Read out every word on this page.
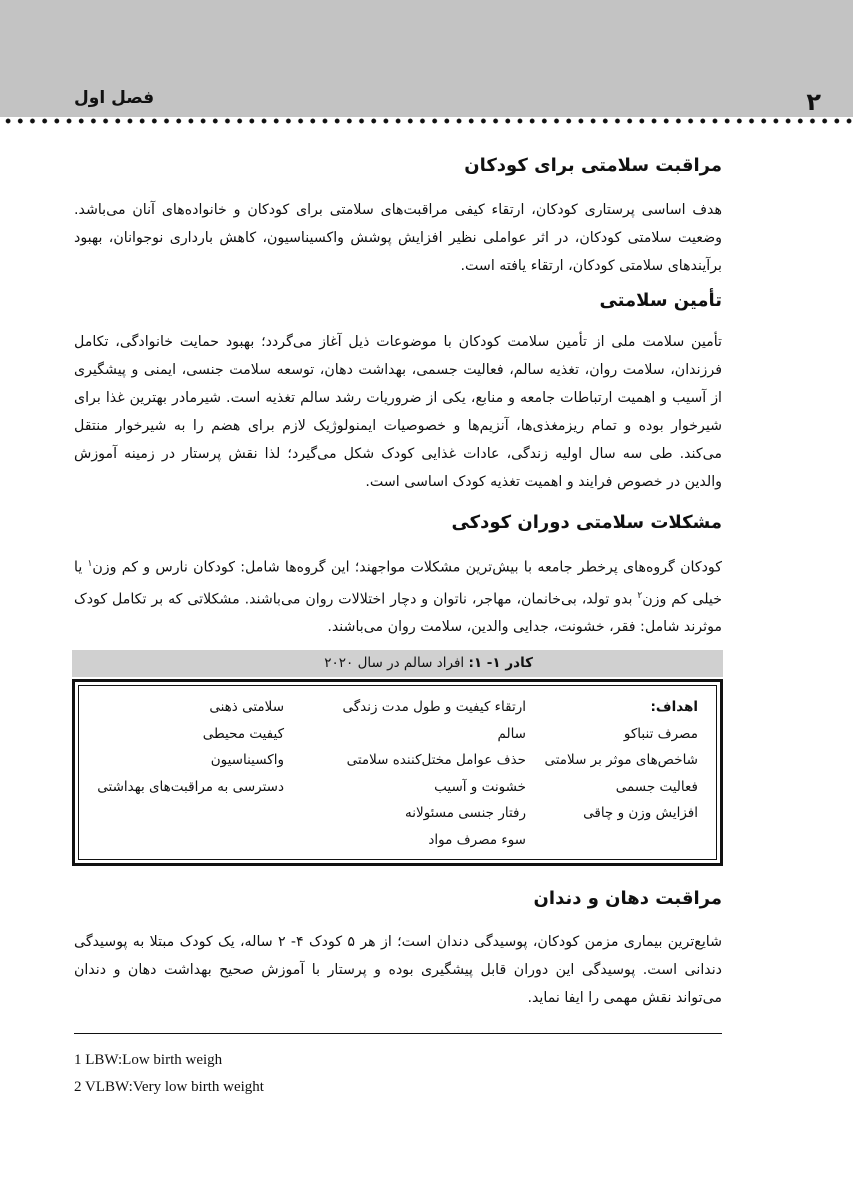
۲
فصل اول
مراقبت سلامتی برای کودکان
هدف اساسی پرستاری کودکان، ارتقاء کیفی مراقبت‌های سلامتی برای کودکان و خانواده‌های آنان می‌باشد. وضعیت سلامتی کودکان، در اثر عواملی نظیر افزایش پوشش واکسیناسیون، کاهش بارداری نوجوانان، بهبود برآیندهای سلامتی کودکان، ارتقاء یافته است.
تأمین سلامتی
تأمین سلامت ملی از تأمین سلامت کودکان با موضوعات ذیل آغاز می‌گردد؛ بهبود حمایت خانوادگی، تکامل فرزندان، سلامت روان، تغذیه سالم، فعالیت جسمی، بهداشت دهان، توسعه سلامت جنسی، ایمنی و پیشگیری از آسیب و اهمیت ارتباطات جامعه و منابع، یکی از ضروریات رشد سالم تغذیه است. شیرمادر بهترین غذا برای شیرخوار بوده و تمام ریزمغذی‌ها، آنزیم‌ها و خصوصیات ایمنولوژیک لازم برای هضم را به شیرخوار منتقل می‌کند. طی سه سال اولیه زندگی، عادات غذایی کودک شکل می‌گیرد؛ لذا نقش پرستار در زمینه آموزش والدین در خصوص فرایند و اهمیت تغذیه کودک اساسی است.
مشکلات سلامتی دوران کودکی
کودکان گروه‌های پرخطر جامعه با بیش‌ترین مشکلات مواجهند؛ این گروه‌ها شامل: کودکان نارس و کم وزن$^۱$ یا خیلی کم وزن$^۲$ بدو تولد، بی‌خانمان، مهاجر، ناتوان و دچار اختلالات روان می‌باشند. مشکلاتی که بر تکامل کودک موثرند شامل: فقر، خشونت، جدایی والدین، سلامت روان می‌باشند.
کادر ۱- ۱: افراد سالم در سال ۲۰۲۰
اهداف:
مصرف تنباکو
شاخص‌های موثر بر سلامتی
فعالیت جسمی
افزایش وزن و چاقی
ارتقاء کیفیت و طول مدت زندگی سالم
حذف عوامل مختل‌کننده سلامتی
خشونت و آسیب
رفتار جنسی مسئولانه
سوء مصرف مواد
سلامتی ذهنی
کیفیت محیطی
واکسیناسیون
دسترسی به مراقبت‌های بهداشتی
مراقبت دهان و دندان
شایع‌ترین بیماری مزمن کودکان، پوسیدگی دندان است؛ از هر ۵ کودک ۴- ۲ ساله، یک کودک مبتلا به پوسیدگی دندانی است. پوسیدگی این دوران قابل پیشگیری بوده و پرستار با آموزش صحیح بهداشت دهان و دندان می‌تواند نقش مهمی را ایفا نماید.
1 LBW:Low birth weigh
2 VLBW:Very low birth weight
